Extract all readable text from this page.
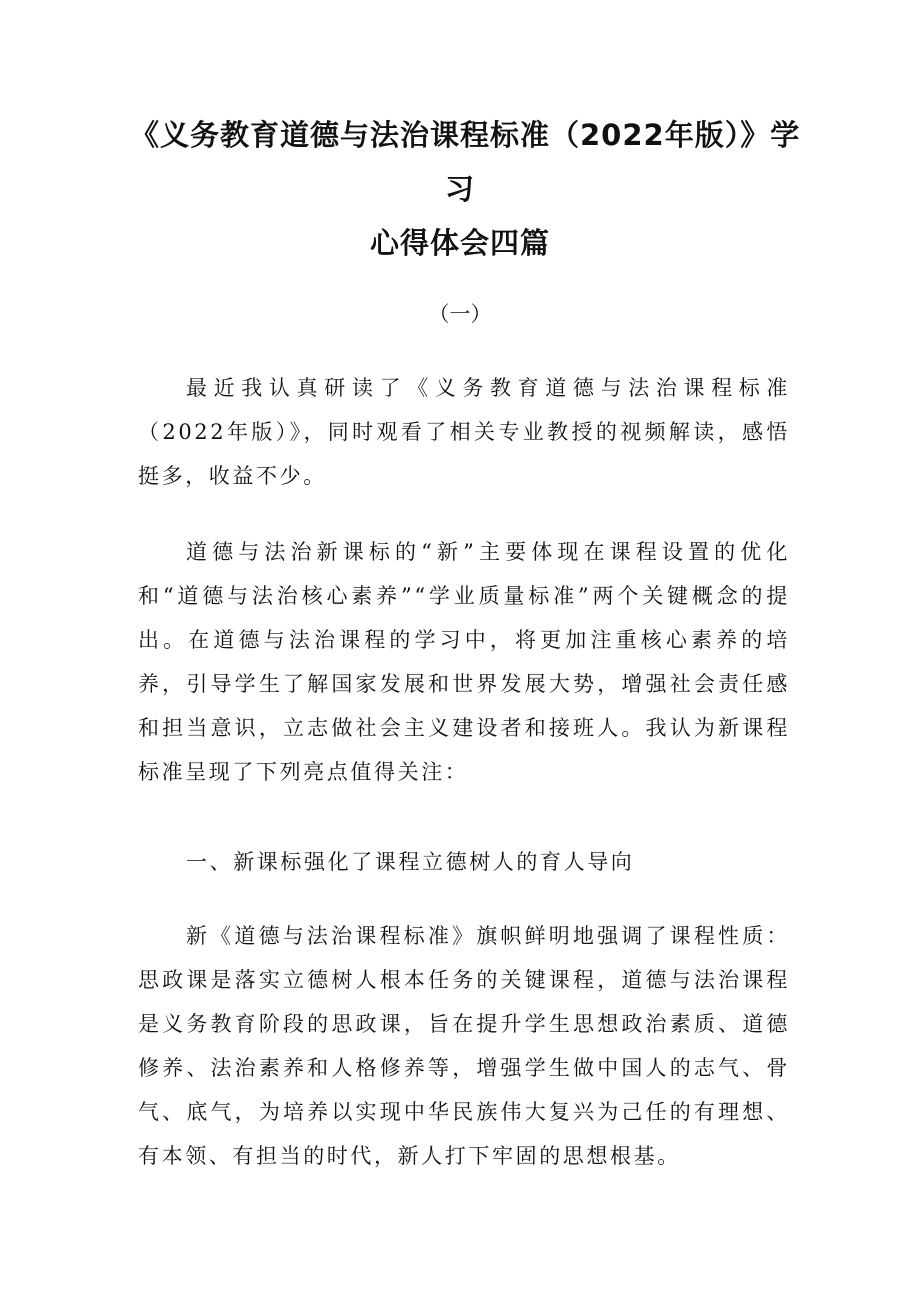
《义务教育道德与法治课程标准（2022年版）》学
习
心得体会四篇
（一）

最近我认真研读了《义务教育道德与法治课程标准（2022年版）》，同时观看了相关专业教授的视频解读，感悟挺多，收益不少。

道德与法治新课标的“新”主要体现在课程设置的优化和“道德与法治核心素养”“学业质量标准”两个关键概念的提出。在道德与法治课程的学习中，将更加注重核心素养的培养，引导学生了解国家发展和世界发展大势，增强社会责任感和担当意识，立志做社会主义建设者和接班人。我认为新课程标准呈现了下列亮点值得关注：

一、新课标强化了课程立德树人的育人导向

新《道德与法治课程标准》旗帜鲜明地强调了课程性质：思政课是落实立德树人根本任务的关键课程，道德与法治课程是义务教育阶段的思政课，旨在提升学生思想政治素质、道德修养、法治素养和人格修养等，增强学生做中国人的志气、骨气、底气，为培养以实现中华民族伟大复兴为己任的有理想、有本领、有担当的时代，新人打下牢固的思想根基。
